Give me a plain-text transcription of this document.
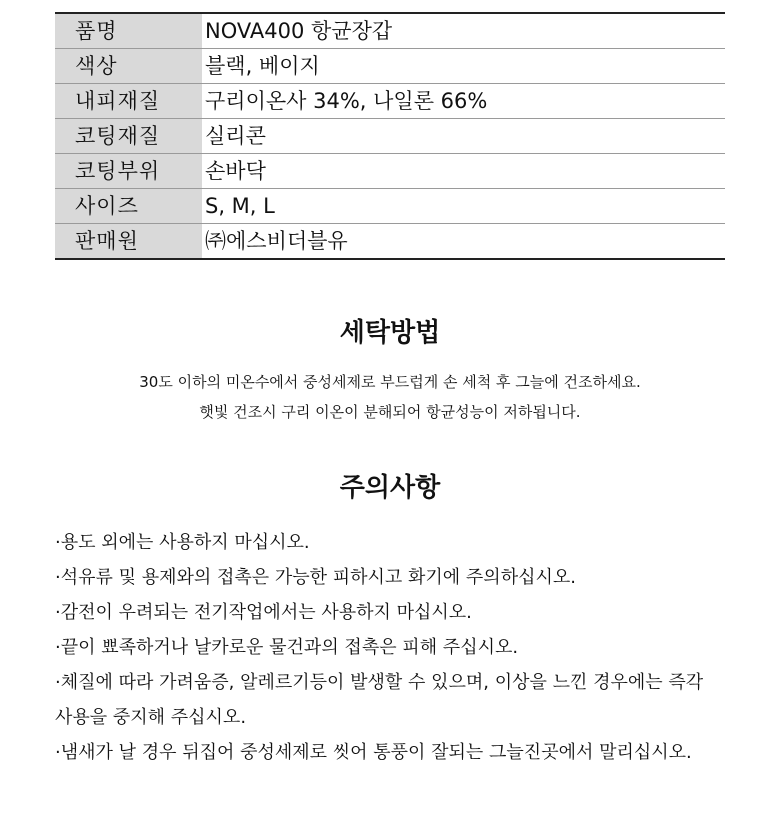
품명	NOVA400 항균장갑
색상	블랙, 베이지
내피재질	구리이온사 34%, 나일론 66%
코팅재질	실리콘
코팅부위	손바닥
사이즈	S, M, L
판매원	㈜에스비더블유
세탁방법
30도 이하의 미온수에서 중성세제로 부드럽게 손 세척 후 그늘에 건조하세요.
햇빛 건조시 구리 이온이 분해되어 항균성능이 저하됩니다.
주의사항
·용도 외에는 사용하지 마십시오.
·석유류 및 용제와의 접촉은 가능한 피하시고 화기에 주의하십시오.
·감전이 우려되는 전기작업에서는 사용하지 마십시오.
·끝이 뾰족하거나 날카로운 물건과의 접촉은 피해 주십시오.
·체질에 따라 가려움증, 알레르기등이 발생할 수 있으며, 이상을 느낀 경우에는 즉각
사용을 중지해 주십시오.
·냄새가 날 경우 뒤집어 중성세제로 씻어 통풍이 잘되는 그늘진곳에서 말리십시오.
